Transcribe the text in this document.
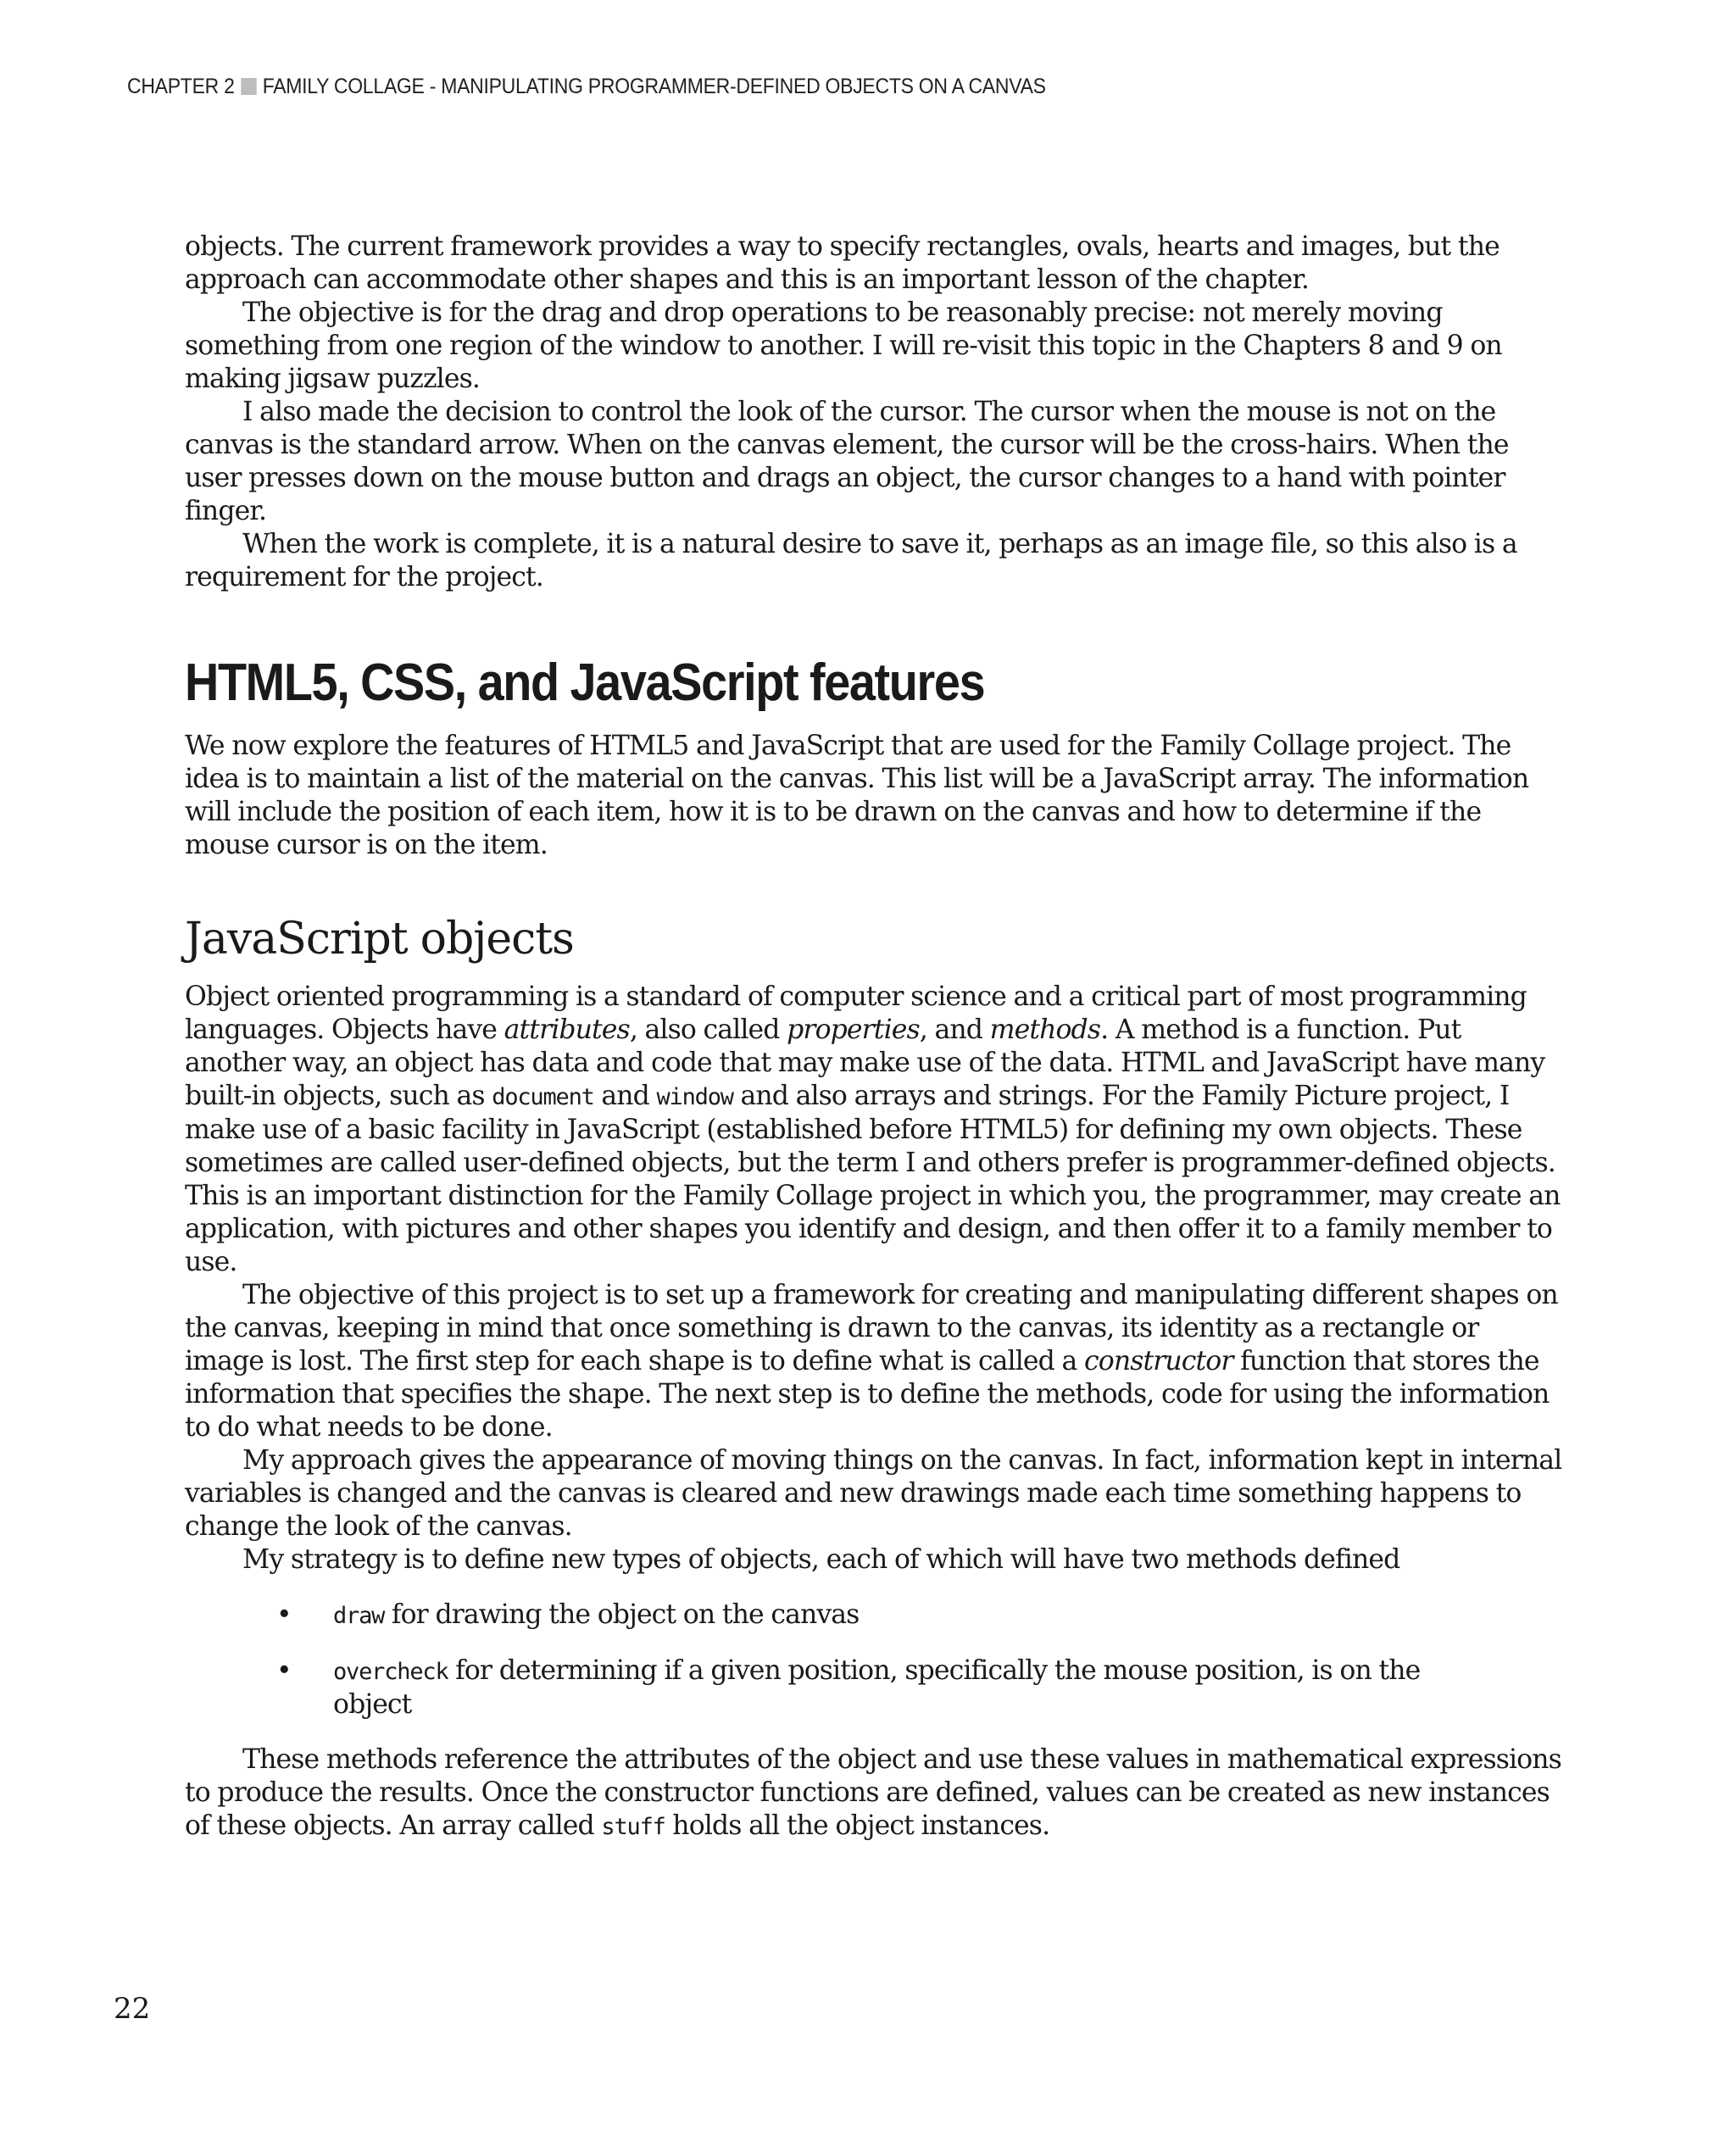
CHAPTER 2 FAMILY COLLAGE - MANIPULATING PROGRAMMER-DEFINED OBJECTS ON A CANVAS

objects. The current framework provides a way to specify rectangles, ovals, hearts and images, but the approach can accommodate other shapes and this is an important lesson of the chapter.

The objective is for the drag and drop operations to be reasonably precise: not merely moving something from one region of the window to another. I will re-visit this topic in the Chapters 8 and 9 on making jigsaw puzzles.

I also made the decision to control the look of the cursor. The cursor when the mouse is not on the canvas is the standard arrow. When on the canvas element, the cursor will be the cross-hairs. When the user presses down on the mouse button and drags an object, the cursor changes to a hand with pointer finger.

When the work is complete, it is a natural desire to save it, perhaps as an image file, so this also is a requirement for the project.

HTML5, CSS, and JavaScript features

We now explore the features of HTML5 and JavaScript that are used for the Family Collage project. The idea is to maintain a list of the material on the canvas. This list will be a JavaScript array. The information will include the position of each item, how it is to be drawn on the canvas and how to determine if the mouse cursor is on the item.

JavaScript objects

Object oriented programming is a standard of computer science and a critical part of most programming languages. Objects have attributes, also called properties, and methods. A method is a function. Put another way, an object has data and code that may make use of the data. HTML and JavaScript have many built-in objects, such as document and window and also arrays and strings. For the Family Picture project, I make use of a basic facility in JavaScript (established before HTML5) for defining my own objects. These sometimes are called user-defined objects, but the term I and others prefer is programmer-defined objects. This is an important distinction for the Family Collage project in which you, the programmer, may create an application, with pictures and other shapes you identify and design, and then offer it to a family member to use.

The objective of this project is to set up a framework for creating and manipulating different shapes on the canvas, keeping in mind that once something is drawn to the canvas, its identity as a rectangle or image is lost. The first step for each shape is to define what is called a constructor function that stores the information that specifies the shape. The next step is to define the methods, code for using the information to do what needs to be done.

My approach gives the appearance of moving things on the canvas. In fact, information kept in internal variables is changed and the canvas is cleared and new drawings made each time something happens to change the look of the canvas.

My strategy is to define new types of objects, each of which will have two methods defined

• draw for drawing the object on the canvas
• overcheck for determining if a given position, specifically the mouse position, is on the object

These methods reference the attributes of the object and use these values in mathematical expressions to produce the results. Once the constructor functions are defined, values can be created as new instances of these objects. An array called stuff holds all the object instances.

22
